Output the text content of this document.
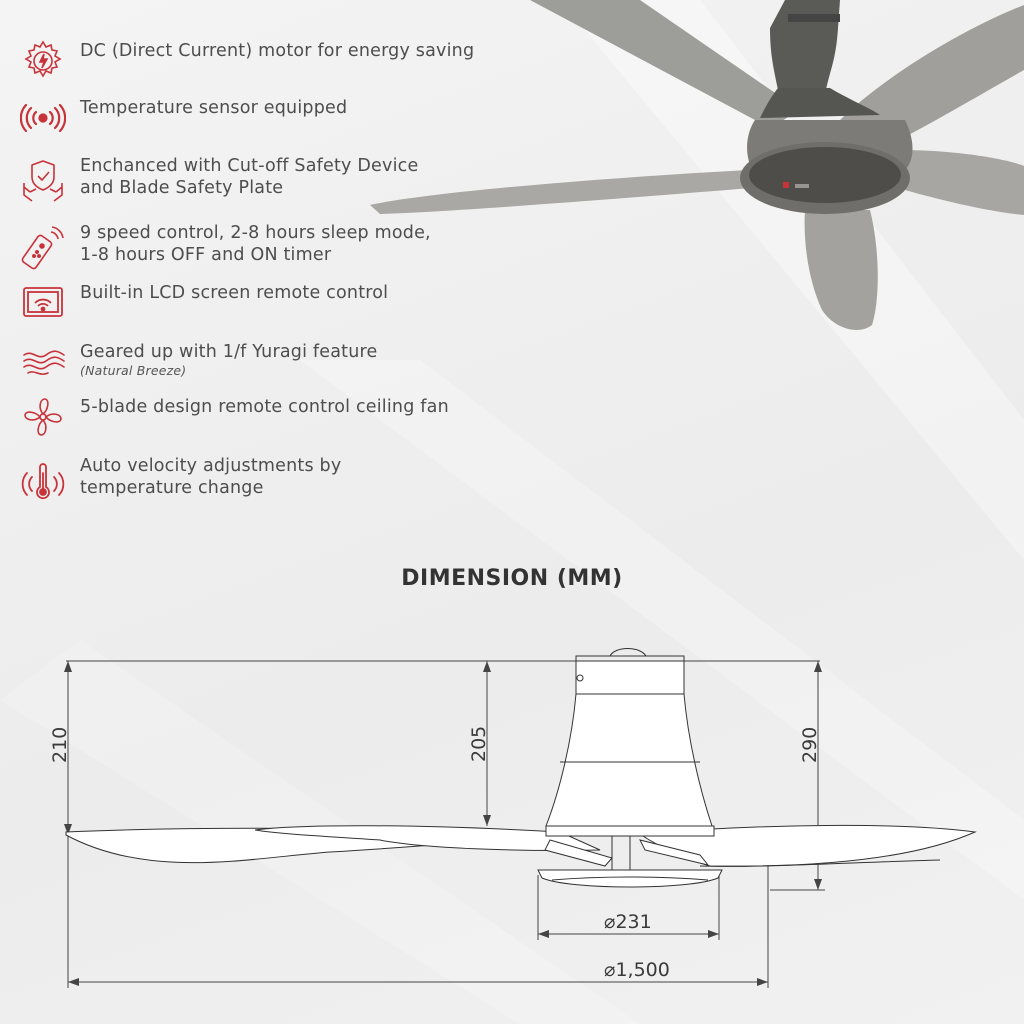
DC (Direct Current) motor for energy saving
Temperature sensor equipped
Enchanced with Cut-off Safety Device
and Blade Safety Plate
9 speed control, 2-8 hours sleep mode,
1-8 hours OFF and ON timer
Built-in LCD screen remote control
Geared up with 1/f Yuragi feature
(Natural Breeze)
5-blade design remote control ceiling fan
Auto velocity adjustments by
temperature change
DIMENSION (MM)
210	205	290
⌀231
⌀1,500
